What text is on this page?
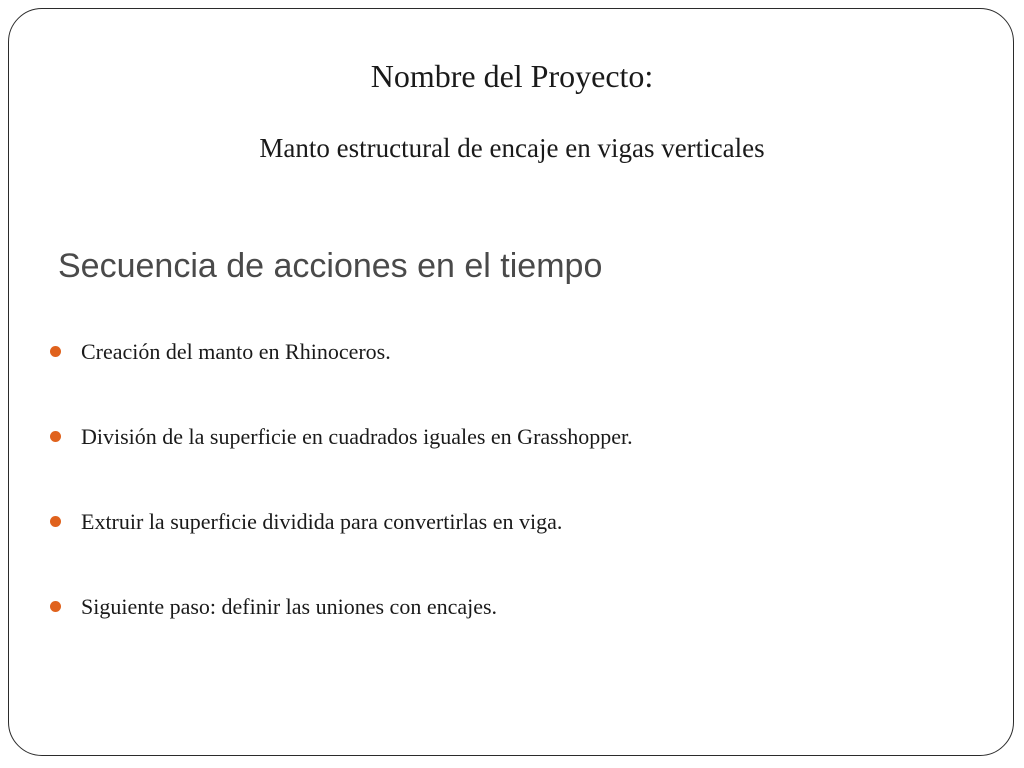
Nombre del Proyecto:
Manto estructural de encaje en vigas verticales
Secuencia de acciones en el tiempo
Creación del manto en Rhinoceros.
División de la superficie en cuadrados iguales en Grasshopper.
Extruir la superficie dividida para convertirlas en viga.
Siguiente paso: definir las uniones con encajes.
